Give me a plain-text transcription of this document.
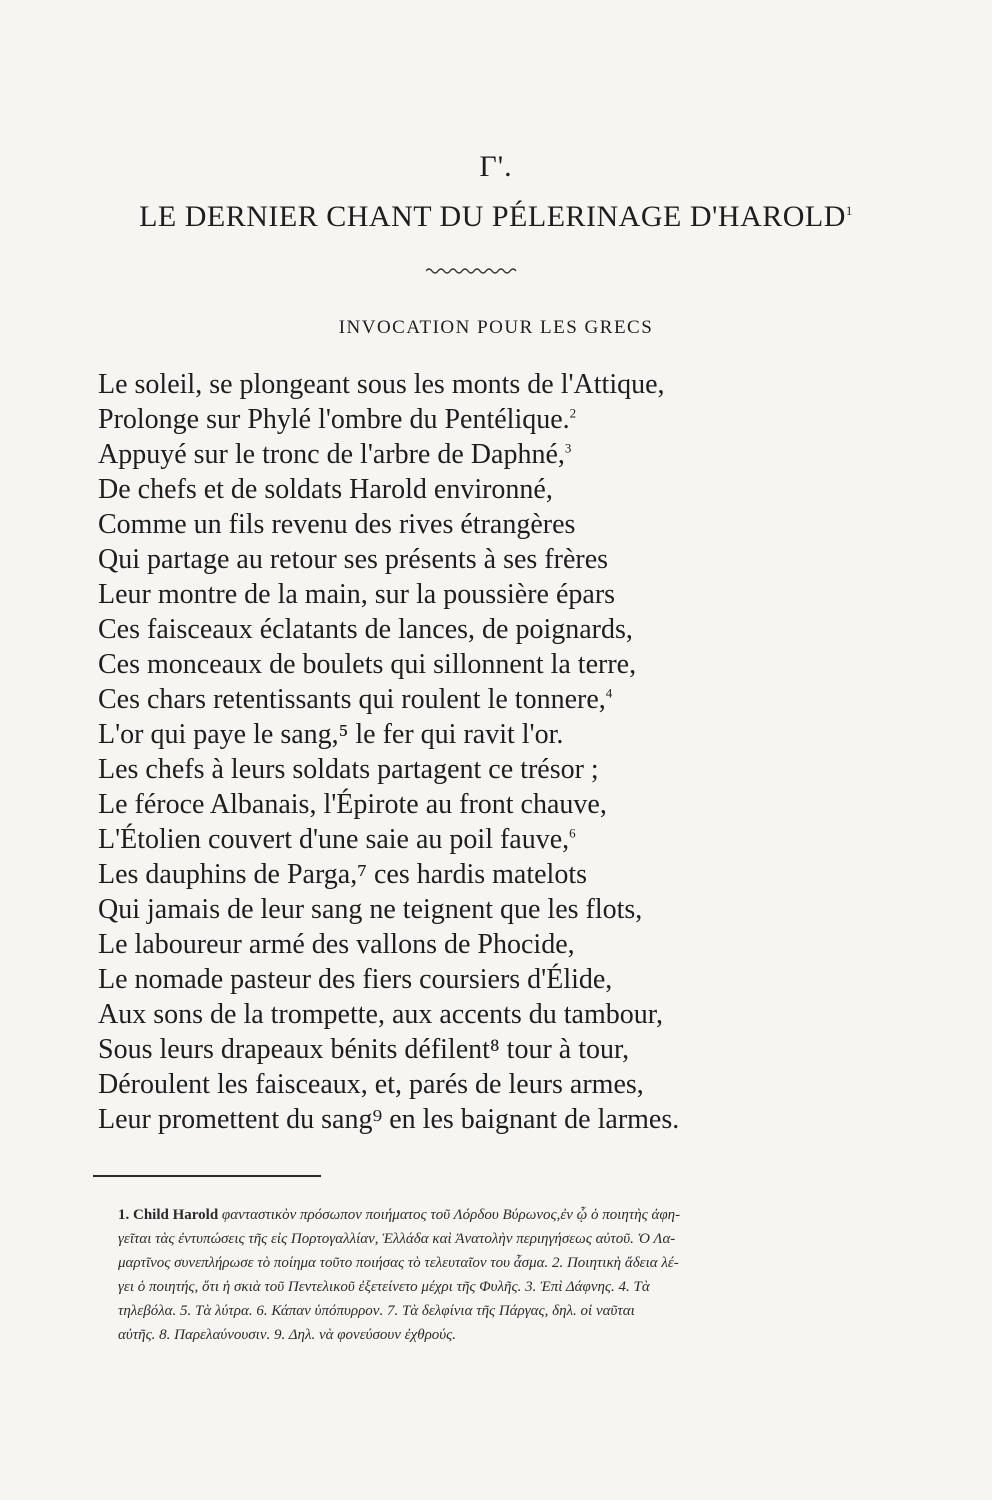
Γ'.
LE DERNIER CHANT DU PÉLERINAGE D'HAROLD$^1$
INVOCATION POUR LES GRECS
Le soleil, se plongeant sous les monts de l'Attique,
Prolonge sur Phylé l'ombre du Pentélique.$^2$
Appuyé sur le tronc de l'arbre de Daphné,$^3$
De chefs et de soldats Harold environné,
Comme un fils revenu des rives étrangères
Qui partage au retour ses présents à ses frères
Leur montre de la main, sur la poussière épars
Ces faisceaux éclatants de lances, de poignards,
Ces monceaux de boulets qui sillonnent la terre,
Ces chars retentissants qui roulent le tonnere,$^4$
L'or qui paye le sang,⁵ le fer qui ravit l'or.
Les chefs à leurs soldats partagent ce trésor ;
Le féroce Albanais, l'Épirote au front chauve,
L'Étolien couvert d'une saie au poil fauve,$^6$
Les dauphins de Parga,⁷ ces hardis matelots
Qui jamais de leur sang ne teignent que les flots,
Le laboureur armé des vallons de Phocide,
Le nomade pasteur des fiers coursiers d'Élide,
Aux sons de la trompette, aux accents du tambour,
Sous leurs drapeaux bénits défilent⁸ tour à tour,
Déroulent les faisceaux, et, parés de leurs armes,
Leur promettent du sang⁹ en les baignant de larmes.
1. Child Harold φανταστικὸν πρόσωπον ποιήματος τοῦ Λόρδου Βύρωνος,ἐν ᾧ ὁ ποιητὴς ἀφη-
γεῖται τὰς ἐντυπώσεις τῆς εἰς Πορτογαλλίαν, Ἑλλάδα καὶ Ἀνατολὴν περιηγήσεως αὐτοῦ. Ὁ Λα-
μαρτῖνος συνεπλήρωσε τὸ ποίημα τοῦτο ποιήσας τὸ τελευταῖον του ἆσμα. 2. Ποιητικὴ ἄδεια λέ-
γει ὁ ποιητής, ὅτι ἡ σκιὰ τοῦ Πεντελικοῦ ἐξετείνετο μέχρι τῆς Φυλῆς. 3. Ἐπὶ Δάφνης. 4. Τὰ
τηλεβόλα. 5. Τὰ λύτρα. 6. Κάπαν ὑπόπυρρον. 7. Τὰ δελφίνια τῆς Πάργας, δηλ. οἱ ναῦται
αὐτῆς. 8. Παρελαύνουσιν. 9. Δηλ. νὰ φονεύσουν ἐχθρούς.
